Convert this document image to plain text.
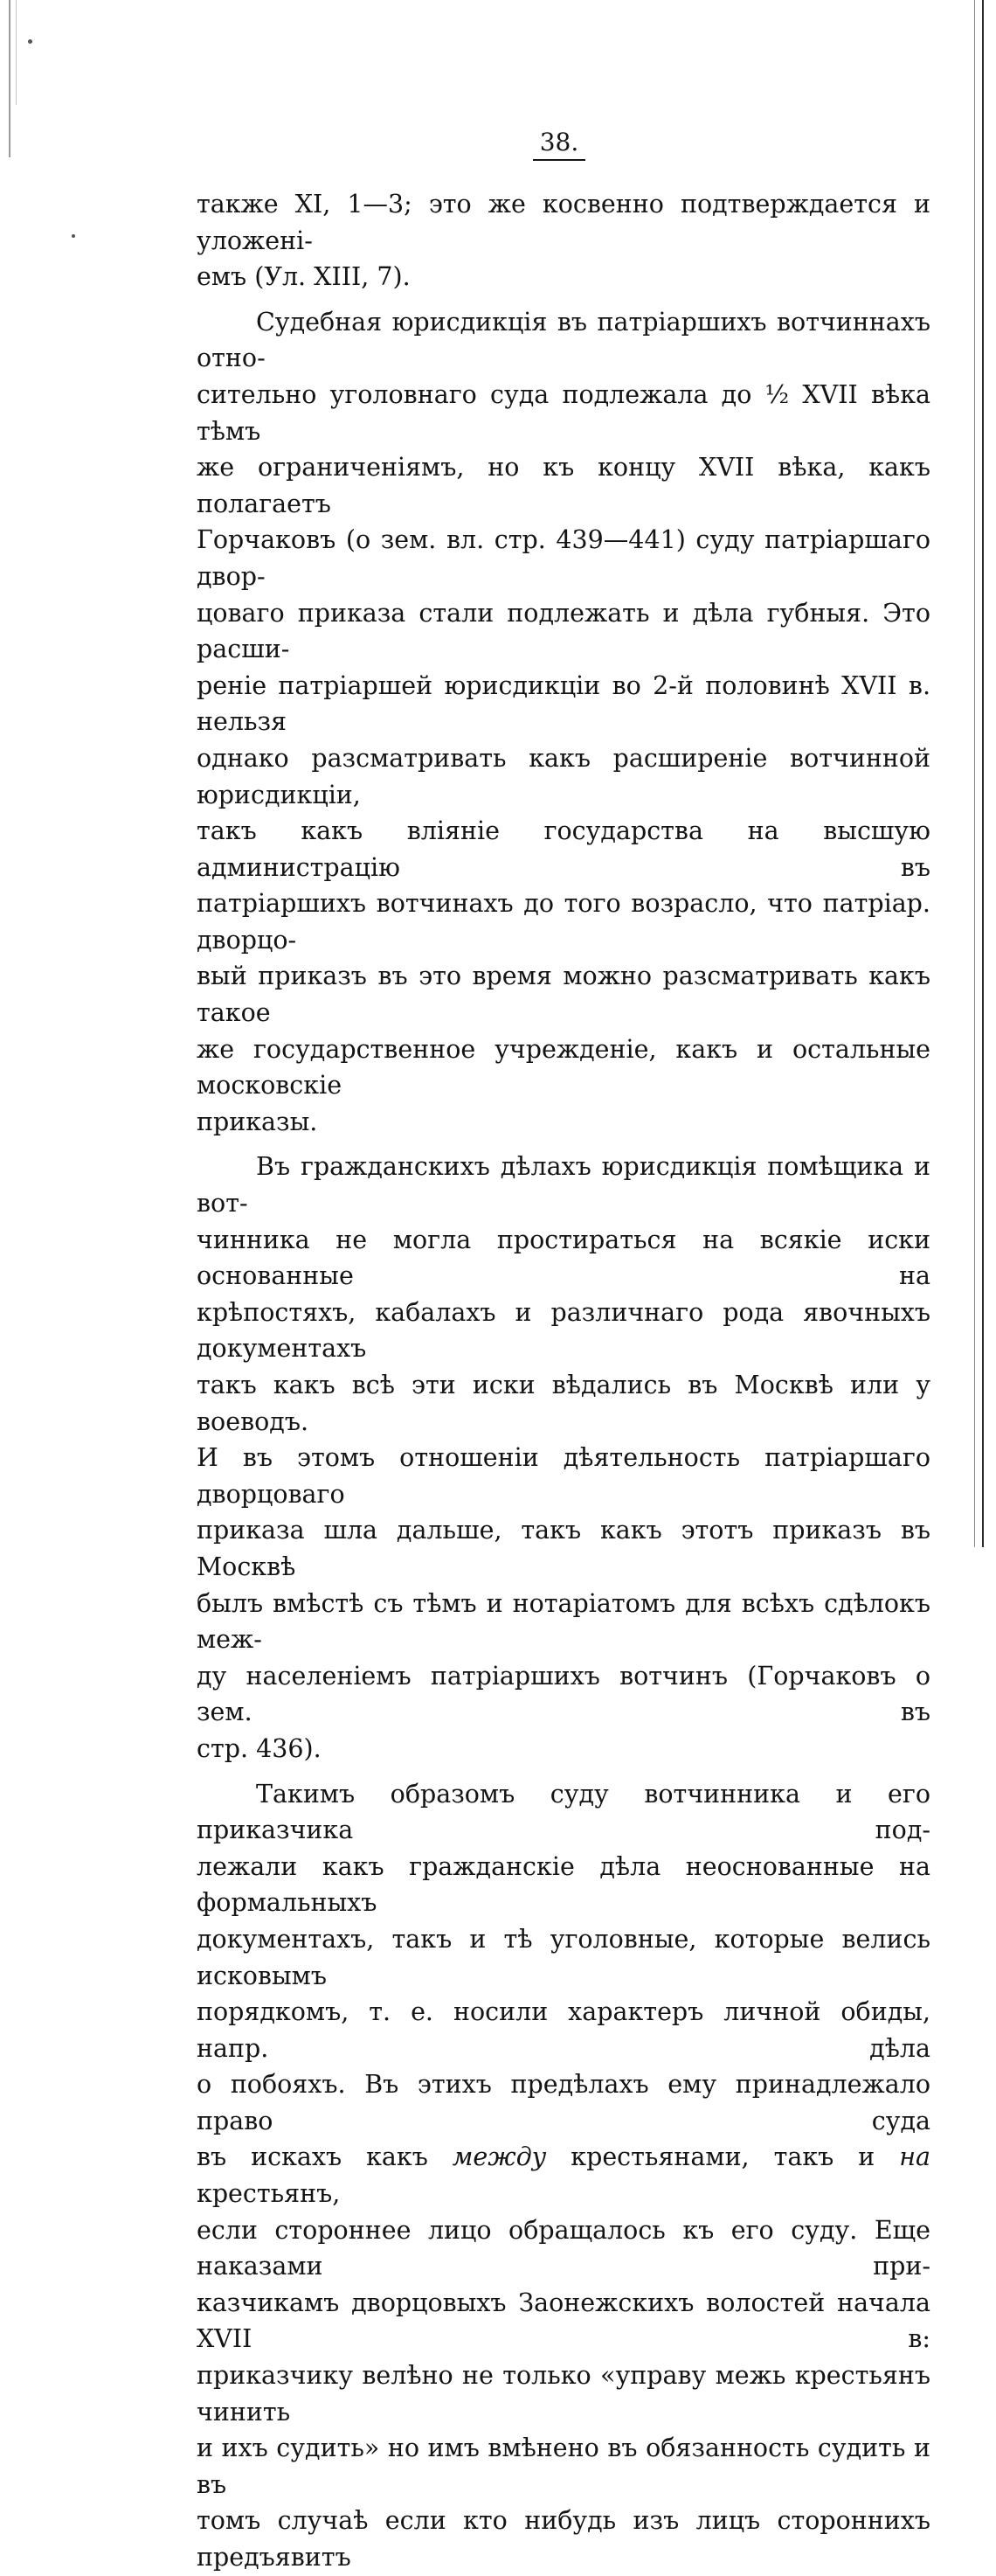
38.

также XI, 1—3; это же косвенно подтверждается и уложені-
емъ (Ул. XIII, 7).

Судебная юрисдикція въ патріаршихъ вотчиннахъ отно-
сительно уголовнаго суда подлежала до ½ XVII вѣка тѣмъ
же ограниченіямъ, но къ концу XVII вѣка, какъ полагаетъ
Горчаковъ (о зем. вл. стр. 439—441) суду патріаршаго двор-
цоваго приказа стали подлежать и дѣла губныя. Это расши-
реніе патріаршей юрисдикціи во 2-й половинѣ XVII в. нельзя
однако разсматривать какъ расширеніе вотчинной юрисдикціи,
такъ какъ вліяніе государства на высшую администрацію въ
патріаршихъ вотчинахъ до того возрасло, что патріар. дворцо-
вый приказъ въ это время можно разсматривать какъ такое
же государственное учрежденіе, какъ и остальные московскіе
приказы.

Въ гражданскихъ дѣлахъ юрисдикція помѣщика и вот-
чинника не могла простираться на всякіе иски основанные на
крѣпостяхъ, кабалахъ и различнаго рода явочныхъ документахъ
такъ какъ всѣ эти иски вѣдались въ Москвѣ или у воеводъ.
И въ этомъ отношеніи дѣятельность патріаршаго дворцоваго
приказа шла дальше, такъ какъ этотъ приказъ въ Москвѣ
былъ вмѣстѣ съ тѣмъ и нотаріатомъ для всѣхъ сдѣлокъ меж-
ду населеніемъ патріаршихъ вотчинъ (Горчаковъ о зем. въ
стр. 436).

Такимъ образомъ суду вотчинника и его приказчика под-
лежали какъ гражданскіе дѣла неоснованные на формальныхъ
документахъ, такъ и тѣ уголовные, которые велись исковымъ
порядкомъ, т. е. носили характеръ личной обиды, напр. дѣла
о побояхъ. Въ этихъ предѣлахъ ему принадлежало право суда
въ искахъ какъ между крестьянами, такъ и на крестьянъ,
если стороннее лицо обращалось къ его суду. Еще наказами при-
казчикамъ дворцовыхъ Заонежскихъ волостей начала XVII в:
приказчику велѣно не только «управу межь крестьянъ чинить
и ихъ судить» но имъ вмѣнено въ обязанность судить и въ
томъ случаѣ если кто нибудь изъ лицъ стороннихъ предъявитъ
